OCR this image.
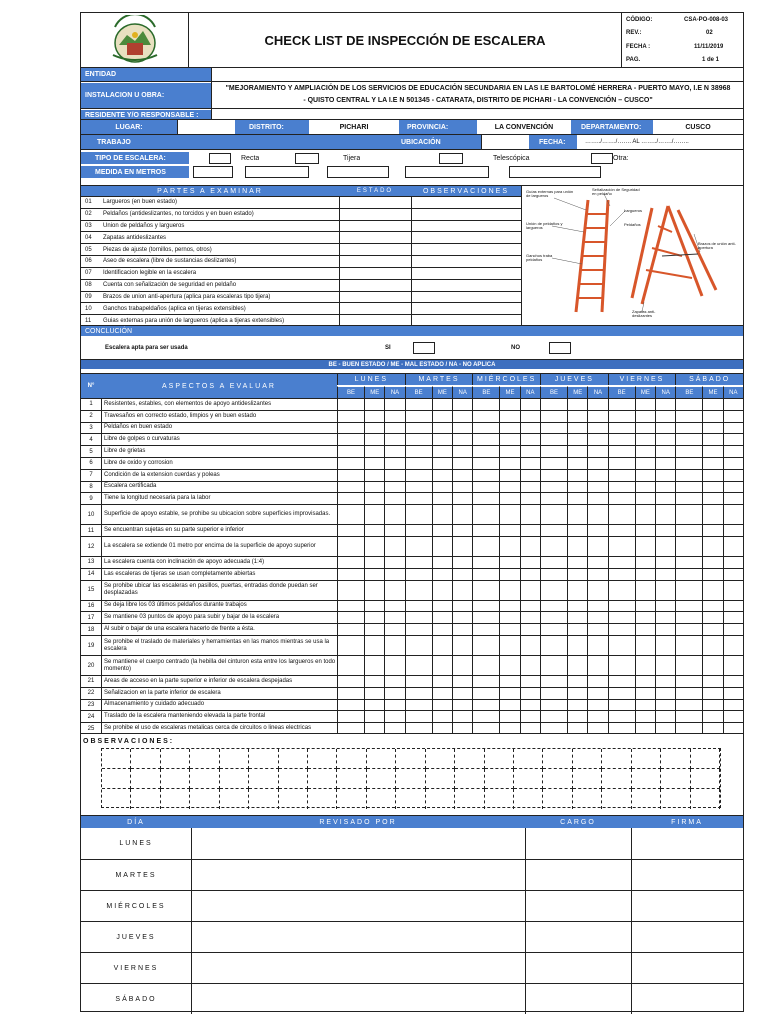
CHECK LIST DE INSPECCIÓN DE ESCALERA
CÓDIGO:	CSA-PO-008-03
REV.:	02
FECHA :	11/11/2019
PAG.	1 de 1
ENTIDAD
INSTALACION U OBRA:
"MEJORAMIENTO Y AMPLIACIÓN DE LOS SERVICIOS DE EDUCACIÓN SECUNDARIA EN LAS I.E BARTOLOMÉ HERRERA - PUERTO MAYO, I.E N 38968
- QUISTO CENTRAL Y LA I.E N 501345 - CATARATA, DISTRITO DE PICHARI - LA CONVENCIÓN – CUSCO"
RESIDENTE Y/O RESPONSABLE :
LUGAR:	DISTRITO:	PICHARI	PROVINCIA:	LA CONVENCIÓN	DEPARTAMENTO:	CUSCO
TRABAJO	UBICACIÓN	FECHA:	……../……./……. AL ……../……./……..
TIPO DE ESCALERA:	Recta	Tijera	Telescópica	Otra:
MEDIDA EN METROS
PARTES A EXAMINAR	ESTADO	OBSERVACIONES
01	Largueros (en buen estado)
02	Peldaños (antideslizantes, no torcidos y en buen estado)
03	Union de peldaños y largueros
04	Zapatas antideslizantes
05	Piezas de ajuste (tornillos, pernos, otros)
06	Aseo de escalera (libre de sustancias deslizantes)
07	Identificacion legible en la escalera
08	Cuenta con señalización de seguridad en peldaño
09	Brazos de union anti-apertura (aplica para escaleras tipo tijera)
10	Ganchos trabapeldaños (aplica en tijeras extensibles)
11	Guias externas para unión de largueros (aplica a tijeras extensibles)
Guías externas para unión de largueros
Señalización de Seguridad en peldaño
Largueros
Unión de peldaños y largueros
Peldaños
Brazos de unión anti-apertura
Ganchos traba peldaños
Zapatas anti-deslizantes
CONCLUCIÓN
Escalera apta para ser usada	SI	NO
BE - BUEN ESTADO / ME - MAL ESTADO / NA - NO APLICA
N°	ASPECTOS A EVALUAR
LUNES
BE	ME	NA
MARTES
BE	ME	NA
MIÉRCOLES
BE	ME	NA
JUEVES
BE	ME	NA
VIERNES
BE	ME	NA
SÁBADO
BE	ME	NA
1	Resistentes, estables, con elementos de apoyo antideslizantes
2	Travesaños en correcto estado, limpios y en buen estado
3	Peldaños en buen estado
4	Libre de golpes o curvaturas
5	Libre de grietas
6	Libre de oxido y corrosion
7	Condición de la extension cuerdas y poleas
8	Escalera certificada
9	Tiene la longitud necesaria para la labor
10	Superficie de apoyo estable, se prohibe su ubicacion sobre superficies improvisadas.
11	Se encuentran sujetas en su parte superior e inferior
12	La escalera se extiende 01 metro por encima de la superficie de apoyo superior
13	La escalera cuenta con inclinación de apoyo adecuada (1:4)
14	Las escaleras de tijeras se usan completamente abiertas
15
Se prohibe ubicar las escaleras en pasillos, puertas, entradas donde puedan ser desplazadas
16	Se deja libre los 03 últimos peldaños durante trabajos
17	Se mantiene 03 puntos de apoyo para subir y bajar de la escalera
18	Al subir o bajar de una escalera hacerlo de frente a ésta.
19
Se prohibe el traslado de materiales y herramientas en las manos mientras se usa la escalera
20
Se mantiene el cuerpo centrado (la hebilla del cinturon esta entre los largueros en todo momento)
21	Areas de acceso en la parte superior e inferior de escalera despejadas
22	Señalizacion en la parte inferior de escalera
23	Almacenamiento y cuidado adecuado
24	Traslado de la escalera manteniendo elevada la parte frontal
25	Se prohibe el uso de escaleras metalicas cerca de circuitos o lineas electricas
OBSERVACIONES:
DÍA	REVISADO POR	CARGO	FIRMA
LUNES
MARTES
MIÉRCOLES
JUEVES
VIERNES
SÁBADO
